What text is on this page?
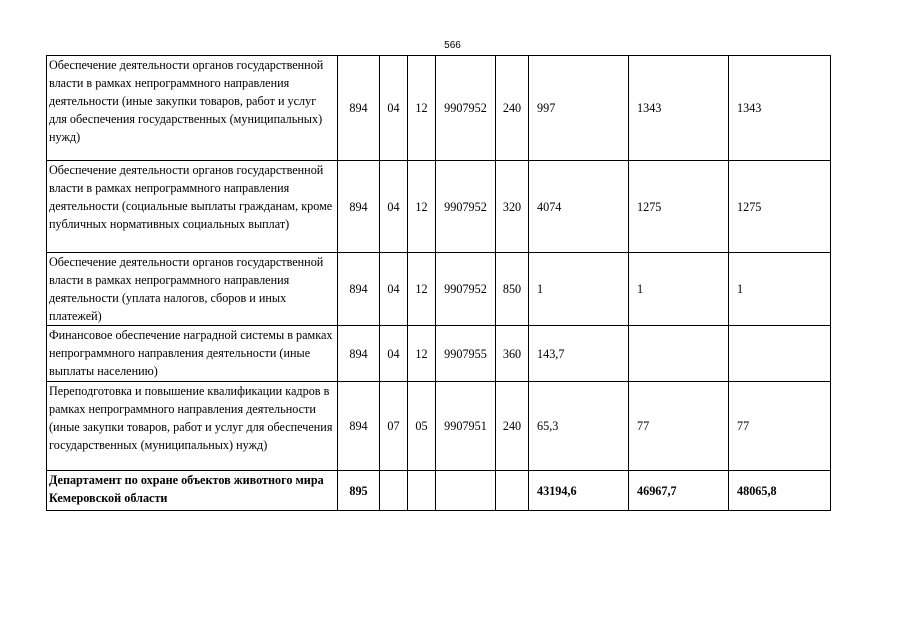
566
Обеспечение деятельности органов государственной власти в рамках непрограммного направления деятельности (иные закупки товаров, работ и услуг для обеспечения государственных (муниципальных) нужд)	894	04	12	9907952	240	997	1343	1343
Обеспечение деятельности органов государственной власти в рамках непрограммного направления деятельности (социальные выплаты гражданам, кроме публичных нормативных социальных выплат)	894	04	12	9907952	320	4074	1275	1275
Обеспечение деятельности органов государственной власти в рамках непрограммного направления деятельности (уплата налогов, сборов и иных платежей)	894	04	12	9907952	850	1	1	1
Финансовое обеспечение наградной системы в рамках непрограммного направления деятельности (иные выплаты населению)	894	04	12	9907955	360	143,7		
Переподготовка и повышение квалификации кадров в рамках непрограммного направления деятельности (иные закупки товаров, работ и услуг для обеспечения государственных (муниципальных) нужд)	894	07	05	9907951	240	65,3	77	77
Департамент по охране объектов животного мира Кемеровской области	895					43194,6	46967,7	48065,8
